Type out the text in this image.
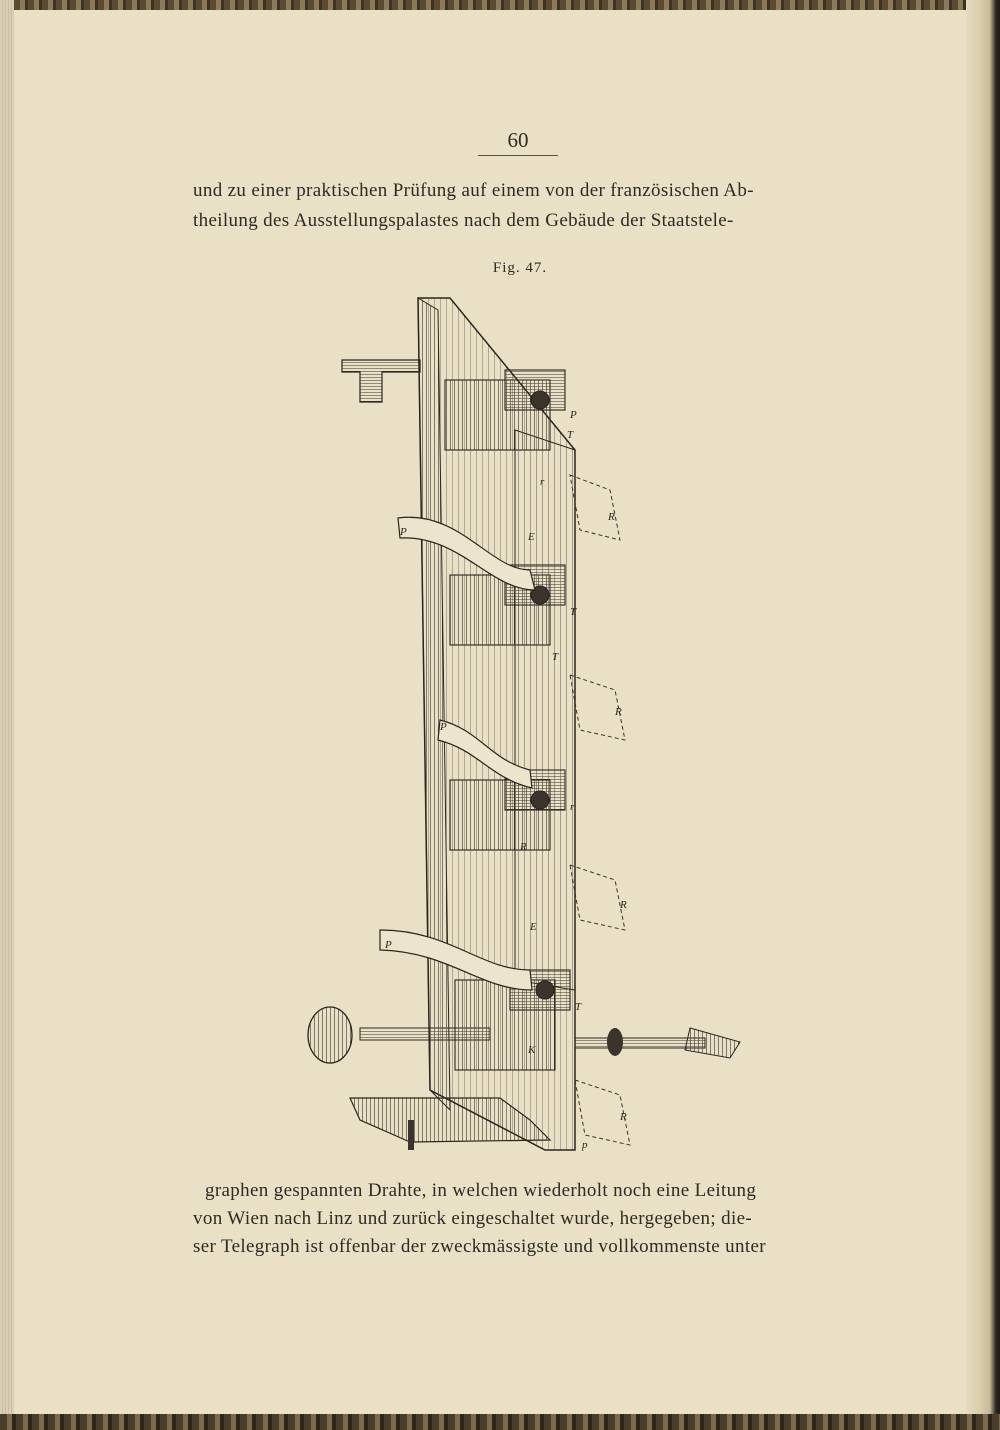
60
und zu einer praktischen Prüfung auf einem von der französischen Ab-
theilung des Ausstellungspalastes nach dem Gebäude der Staatstele-
Fig. 47.
P
T
P
T
r
T
R
P
r
P
T
E
R
E
R
K
R
p
R
graphen gespannten Drahte, in welchen wiederholt noch eine Leitung
von Wien nach Linz und zurück eingeschaltet wurde, hergegeben; die-
ser Telegraph ist offenbar der zweckmässigste und vollkommenste unter
